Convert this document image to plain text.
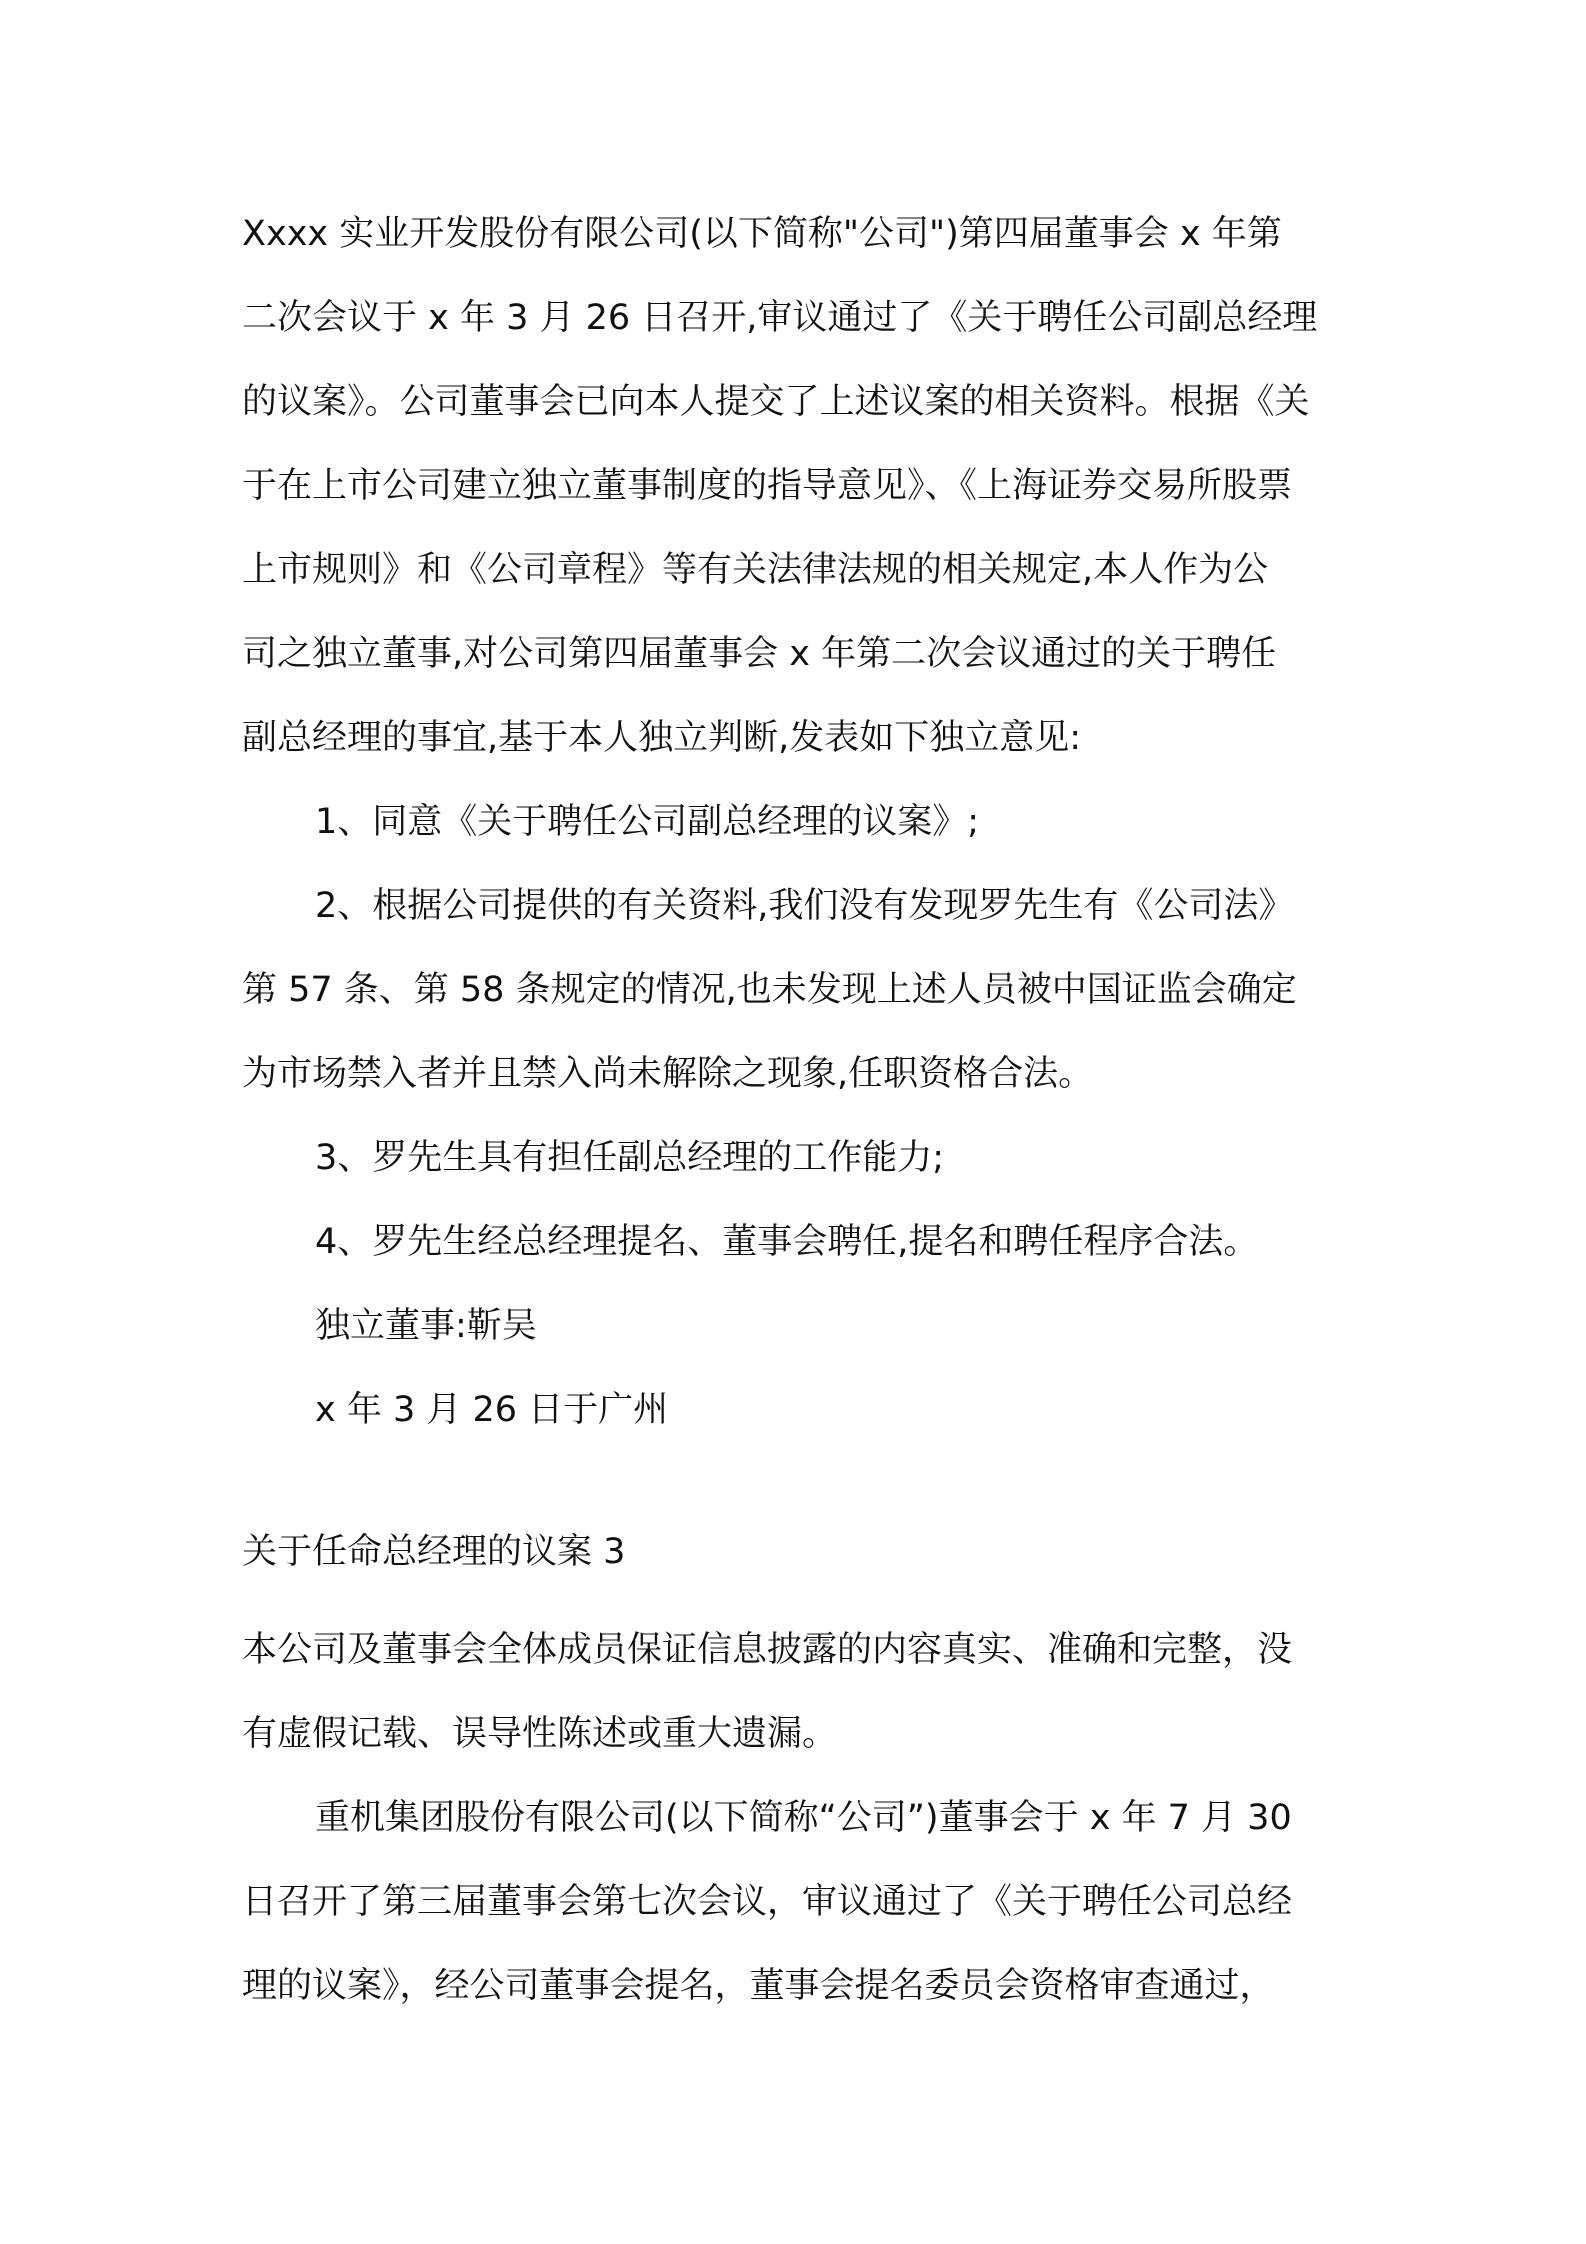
Xxxx 实业开发股份有限公司(以下简称"公司")第四届董事会 x 年第
二次会议于 x 年 3 月 26 日召开,审议通过了《关于聘任公司副总经理
的议案》。公司董事会已向本人提交了上述议案的相关资料。根据《关
于在上市公司建立独立董事制度的指导意见》、《上海证券交易所股票
上市规则》和《公司章程》等有关法律法规的相关规定,本人作为公
司之独立董事,对公司第四届董事会 x 年第二次会议通过的关于聘任
副总经理的事宜,基于本人独立判断,发表如下独立意见:
1、同意《关于聘任公司副总经理的议案》;
2、根据公司提供的有关资料,我们没有发现罗先生有《公司法》
第 57 条、第 58 条规定的情况,也未发现上述人员被中国证监会确定
为市场禁入者并且禁入尚未解除之现象,任职资格合法。
3、罗先生具有担任副总经理的工作能力;
4、罗先生经总经理提名、董事会聘任,提名和聘任程序合法。
独立董事:靳吴
x 年 3 月 26 日于广州
关于任命总经理的议案 3
本公司及董事会全体成员保证信息披露的内容真实、准确和完整，没
有虚假记载、误导性陈述或重大遗漏。
重机集团股份有限公司(以下简称“公司”)董事会于 x 年 7 月 30
日召开了第三届董事会第七次会议，审议通过了《关于聘任公司总经
理的议案》，经公司董事会提名，董事会提名委员会资格审查通过，
